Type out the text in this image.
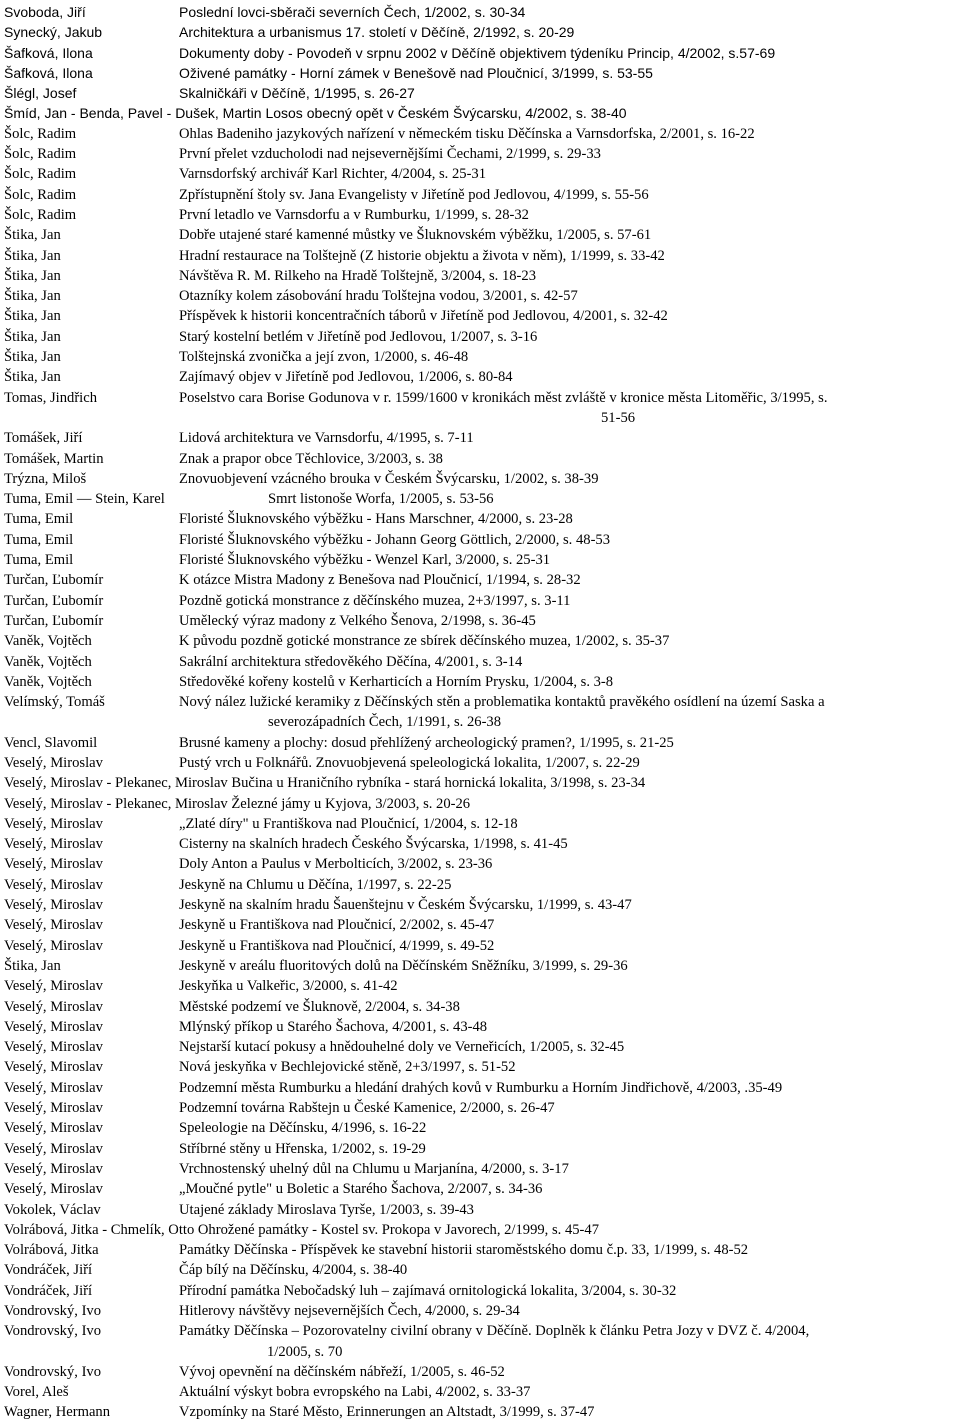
Svoboda, Jiří	Poslední lovci-sběrači severních Čech, 1/2002, s. 30-34
Synecký, Jakub	Architektura a urbanismus 17. století v Děčíně, 2/1992, s. 20-29
Šafková, Ilona	Dokumenty doby - Povodeň v srpnu 2002 v Děčíně objektivem týdeníku Princip, 4/2002, s.57-69
Šafková, Ilona	Oživené památky - Horní zámek v Benešově nad Ploučnicí, 3/1999, s. 53-55
Šlégl, Josef	Skalničkáři v Děčíně, 1/1995, s. 26-27
Šmíd, Jan - Benda, Pavel - Dušek, Martin Losos obecný opět v Českém Švýcarsku, 4/2002, s. 38-40
Šolc, Radim	Ohlas Badeniho jazykových nařízení v německém tisku Děčínska a Varnsdorfska, 2/2001, s. 16-22
Šolc, Radim	První přelet vzducholodi nad nejsevernějšími Čechami, 2/1999, s. 29-33
Šolc, Radim	Varnsdorfský archivář Karl Richter, 4/2004, s. 25-31
Šolc, Radim	Zpřístupnění štoly sv. Jana Evangelisty v Jiřetíně pod Jedlovou, 4/1999, s. 55-56
Šolc, Radim	První letadlo ve Varnsdorfu a v Rumburku, 1/1999, s. 28-32
Štika, Jan	Dobře utajené staré kamenné můstky ve Šluknovském výběžku, 1/2005, s. 57-61
Štika, Jan	Hradní restaurace na Tolštejně (Z historie objektu a života v něm), 1/1999, s. 33-42
Štika, Jan	Návštěva R. M. Rilkeho na Hradě Tolštejně, 3/2004, s. 18-23
Štika, Jan	Otazníky kolem zásobování hradu Tolštejna vodou, 3/2001, s. 42-57
Štika, Jan	Příspěvek k historii koncentračních táborů v Jiřetíně pod Jedlovou, 4/2001, s. 32-42
Štika, Jan	Starý kostelní betlém v Jiřetíně pod Jedlovou, 1/2007, s. 3-16
Štika, Jan	Tolštejnská zvonička a její zvon, 1/2000, s. 46-48
Štika, Jan	Zajímavý objev v Jiřetíně pod Jedlovou, 1/2006, s. 80-84
Tomas, Jindřich	Poselstvo cara Borise Godunova v r. 1599/1600 v kronikách měst zvláště v kronice města Litoměřic, 3/1995, s.
51-56
Tomášek, Jiří	Lidová architektura ve Varnsdorfu, 4/1995, s. 7-11
Tomášek, Martin	Znak a prapor obce Těchlovice, 3/2003, s. 38
Trýzna, Miloš	Znovuobjevení vzácného brouka v Českém Švýcarsku, 1/2002, s. 38-39
Tuma, Emil — Stein, Karel	Smrt listonoše Worfa, 1/2005, s. 53-56
Tuma, Emil	Floristé Šluknovského výběžku - Hans Marschner, 4/2000, s. 23-28
Tuma, Emil	Floristé Šluknovského výběžku - Johann Georg Göttlich, 2/2000, s. 48-53
Tuma, Emil	Floristé Šluknovského výběžku - Wenzel Karl, 3/2000, s. 25-31
Turčan, Ľubomír	K otázce Mistra Madony z Benešova nad Ploučnicí, 1/1994, s. 28-32
Turčan, Ľubomír	Pozdně gotická monstrance z děčínského muzea, 2+3/1997, s. 3-11
Turčan, Ľubomír	Umělecký výraz madony z Velkého Šenova, 2/1998, s. 36-45
Vaněk, Vojtěch	K původu pozdně gotické monstrance ze sbírek děčínského muzea, 1/2002, s. 35-37
Vaněk, Vojtěch	Sakrální architektura středověkého Děčína, 4/2001, s. 3-14
Vaněk, Vojtěch	Středověké kořeny kostelů v Kerharticích a Horním Prysku, 1/2004, s. 3-8
Velímský, Tomáš	Nový nález lužické keramiky z Děčínských stěn a problematika kontaktů pravěkého osídlení na území Saska a
severozápadních Čech, 1/1991, s. 26-38
Vencl, Slavomil	Brusné kameny a plochy: dosud přehlížený archeologický pramen?, 1/1995, s. 21-25
Veselý, Miroslav	Pustý vrch u Folknářů. Znovuobjevená speleologická lokalita, 1/2007, s. 22-29
Veselý, Miroslav - Plekanec, Miroslav Bučina u Hraničního rybníka - stará hornická lokalita, 3/1998, s. 23-34
Veselý, Miroslav - Plekanec, Miroslav Železné jámy u Kyjova, 3/2003, s. 20-26
Veselý, Miroslav	„Zlaté díry" u Františkova nad Ploučnicí, 1/2004, s. 12-18
Veselý, Miroslav	Cisterny na skalních hradech Českého Švýcarska, 1/1998, s. 41-45
Veselý, Miroslav	Doly Anton a Paulus v Merbolticích, 3/2002, s. 23-36
Veselý, Miroslav	Jeskyně na Chlumu u Děčína, 1/1997, s. 22-25
Veselý, Miroslav	Jeskyně na skalním hradu Šauenštejnu v Českém Švýcarsku, 1/1999, s. 43-47
Veselý, Miroslav	Jeskyně u Františkova nad Ploučnicí, 2/2002, s. 45-47
Veselý, Miroslav	Jeskyně u Františkova nad Ploučnicí, 4/1999, s. 49-52
Štika, Jan	Jeskyně v areálu fluoritových dolů na Děčínském Sněžníku, 3/1999, s. 29-36
Veselý, Miroslav	Jeskyňka u Valkeřic, 3/2000, s. 41-42
Veselý, Miroslav	Městské podzemí ve Šluknově, 2/2004, s. 34-38
Veselý, Miroslav	Mlýnský příkop u Starého Šachova, 4/2001, s. 43-48
Veselý, Miroslav	Nejstarší kutací pokusy a hnědouhelné doly ve Verneřicích, 1/2005, s. 32-45
Veselý, Miroslav	Nová jeskyňka v Bechlejovické stěně, 2+3/1997, s. 51-52
Veselý, Miroslav	Podzemní města Rumburku a hledání drahých kovů v Rumburku a Horním Jindřichově, 4/2003, .35-49
Veselý, Miroslav	Podzemní továrna Rabštejn u České Kamenice, 2/2000, s. 26-47
Veselý, Miroslav	Speleologie na Děčínsku, 4/1996, s. 16-22
Veselý, Miroslav	Stříbrné stěny u Hřenska, 1/2002, s. 19-29
Veselý, Miroslav	Vrchnostenský uhelný důl na Chlumu u Marjanína, 4/2000, s. 3-17
Veselý, Miroslav	„Moučné pytle" u Boletic a Starého Šachova, 2/2007, s. 34-36
Vokolek, Václav	Utajené základy Miroslava Tyrše, 1/2003, s. 39-43
Volrábová, Jitka - Chmelík, Otto Ohrožené památky - Kostel sv. Prokopa v Javorech, 2/1999, s. 45-47
Volrábová, Jitka	Památky Děčínska - Příspěvek ke stavební historii staroměstského domu č.p. 33, 1/1999, s. 48-52
Vondráček, Jiří	Čáp bílý na Děčínsku, 4/2004, s. 38-40
Vondráček, Jiří	Přírodní památka Nebočadský luh – zajímavá ornitologická lokalita, 3/2004, s. 30-32
Vondrovský, Ivo	Hitlerovy návštěvy nejsevernějších Čech, 4/2000, s. 29-34
Vondrovský, Ivo	Památky Děčínska – Pozorovatelny civilní obrany v Děčíně. Doplněk k článku Petra Jozy v DVZ č. 4/2004,
1/2005, s. 70
Vondrovský, Ivo	Vývoj opevnění na děčínském nábřeží, 1/2005, s. 46-52
Vorel, Aleš	Aktuální výskyt bobra evropského na Labi, 4/2002, s. 33-37
Wagner, Hermann	Vzpomínky na Staré Město, Erinnerungen an Altstadt, 3/1999, s. 37-47
